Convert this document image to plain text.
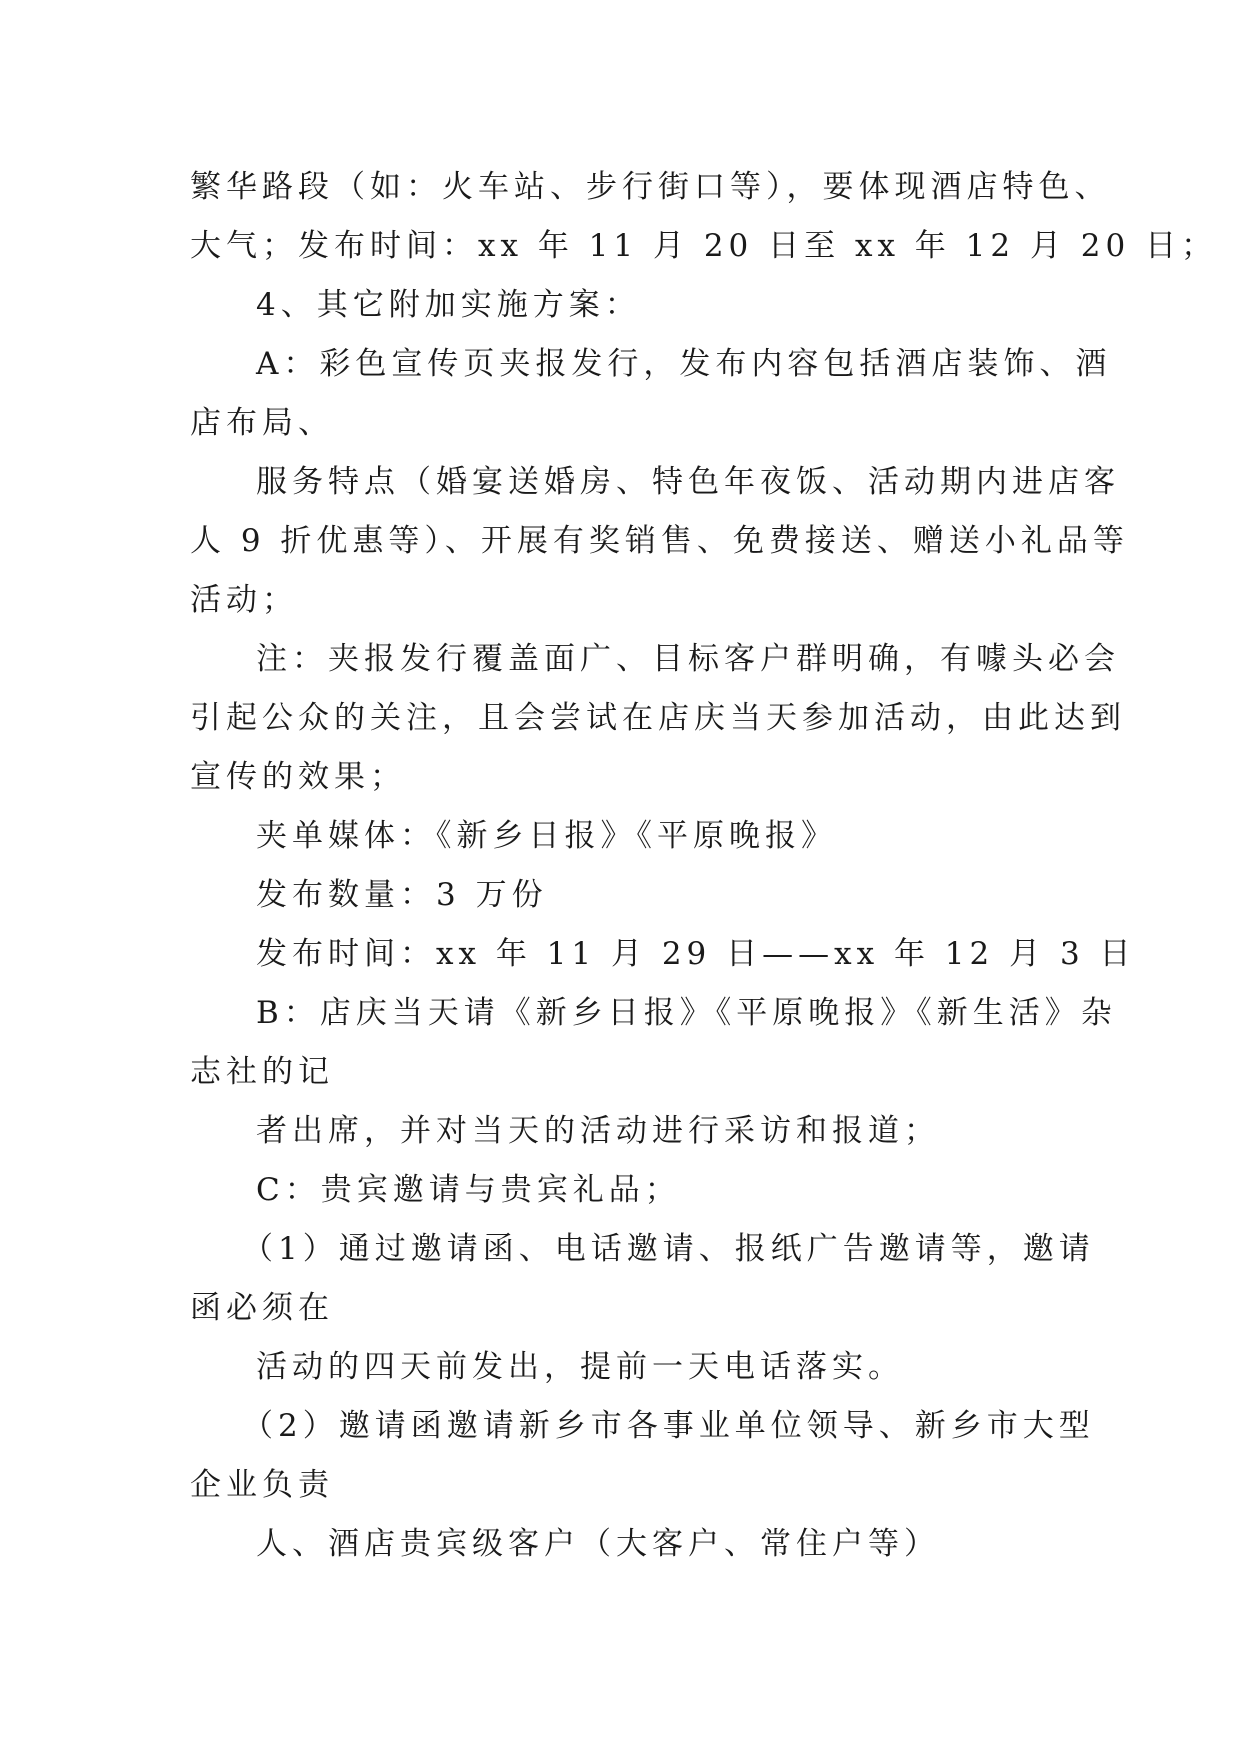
繁华路段（如：火车站、步行街口等），要体现酒店特色、

大气；发布时间：xx 年 11 月 20 日至 xx 年 12 月 20 日；

4、其它附加实施方案：

A：彩色宣传页夹报发行，发布内容包括酒店装饰、酒

店布局、

服务特点（婚宴送婚房、特色年夜饭、活动期内进店客

人 9 折优惠等）、开展有奖销售、免费接送、赠送小礼品等

活动；

注：夹报发行覆盖面广、目标客户群明确，有噱头必会

引起公众的关注，且会尝试在店庆当天参加活动，由此达到

宣传的效果；

夹单媒体：《新乡日报》《平原晚报》

发布数量：3 万份

发布时间：xx 年 11 月 29 日——xx 年 12 月 3 日

B：店庆当天请《新乡日报》《平原晚报》《新生活》杂

志社的记

者出席，并对当天的活动进行采访和报道；

C：贵宾邀请与贵宾礼品；

（1）通过邀请函、电话邀请、报纸广告邀请等，邀请

函必须在

活动的四天前发出，提前一天电话落实。

（2）邀请函邀请新乡市各事业单位领导、新乡市大型

企业负责

人、酒店贵宾级客户（大客户、常住户等）
